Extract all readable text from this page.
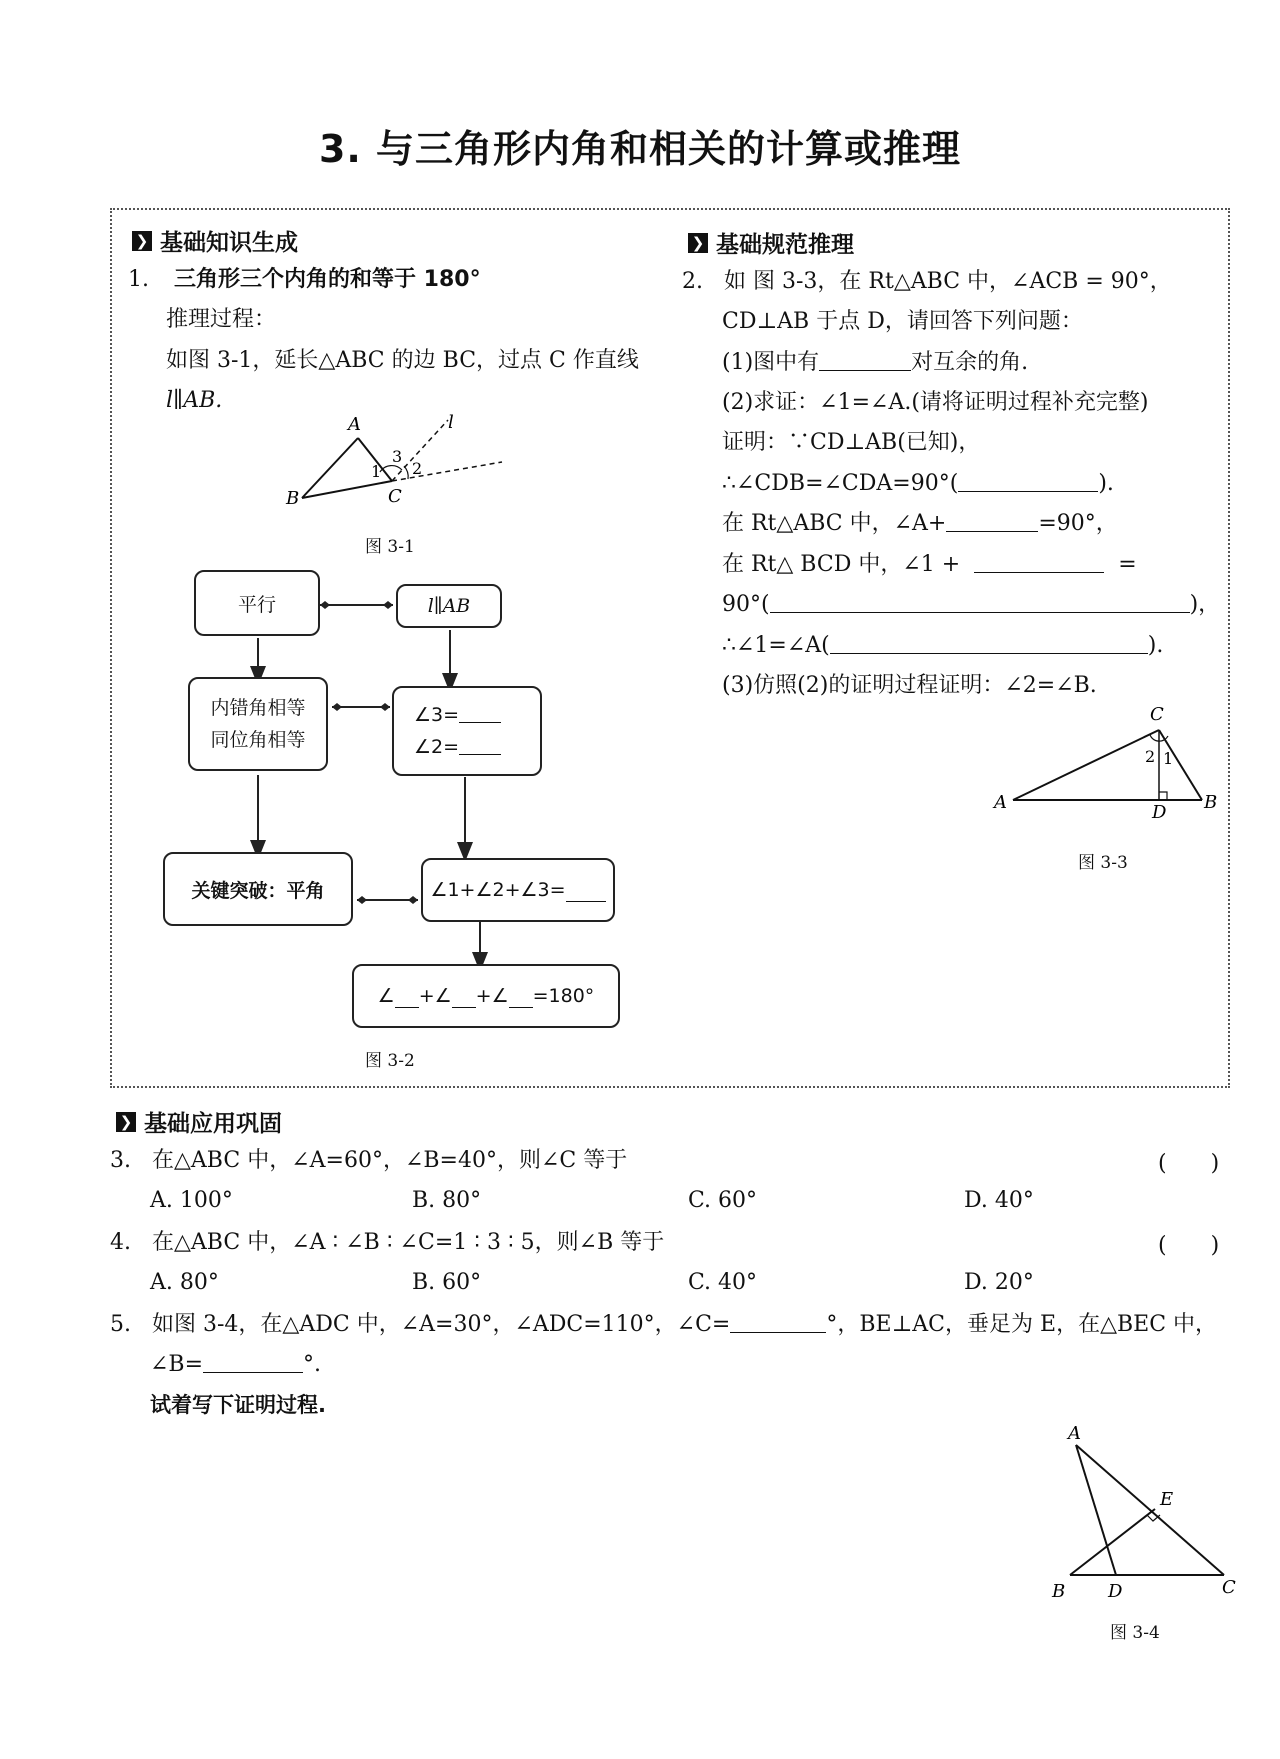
3. 与三角形内角和相关的计算或推理
❯ 基础知识生成
1. 三角形三个内角的和等于 180°
推理过程：
如图 3-1，延长△ABC 的边 BC，过点 C 作直线
l∥AB.
A
B	C
l
1 2
3
图 3-1
平行	l∥AB
内错角相等
同位角相等
∠3=
∠2=
关键突破：平角	∠1+∠2+∠3=
∠ +∠ +∠ =180°
图 3-2
❯ 基础规范推理
2. 如 图 3-3，在 Rt△ABC 中，∠ACB = 90°，
CD⊥AB 于点 D，请回答下列问题：
(1)图中有	对互余的角.
(2)求证：∠1=∠A.(请将证明过程补充完整)
证明：∵CD⊥AB(已知)，
∴∠CDB=∠CDA=90°(	).
在 Rt△ABC 中，∠A+	=90°，
在 Rt△ BCD 中，∠1 +	=
90°(	)，
∴∠1=∠A(	).
(3)仿照(2)的证明过程证明：∠2=∠B.
C
A	B
D
2 1
图 3-3
❯ 基础应用巩固
3. 在△ABC 中，∠A=60°，∠B=40°，则∠C 等于	(　　)
A. 100°	B. 80°	C. 60°	D. 40°
4. 在△ABC 中，∠A ∶ ∠B ∶ ∠C=1 ∶ 3 ∶ 5，则∠B 等于	(　　)
A. 80°	B. 60°	C. 40°	D. 20°
5. 如图 3-4，在△ADC 中，∠A=30°，∠ADC=110°，∠C=	°，BE⊥AC，垂足为 E，在△BEC 中，
∠B=	°.
试着写下证明过程.
A
B D	C
E
图 3-4
